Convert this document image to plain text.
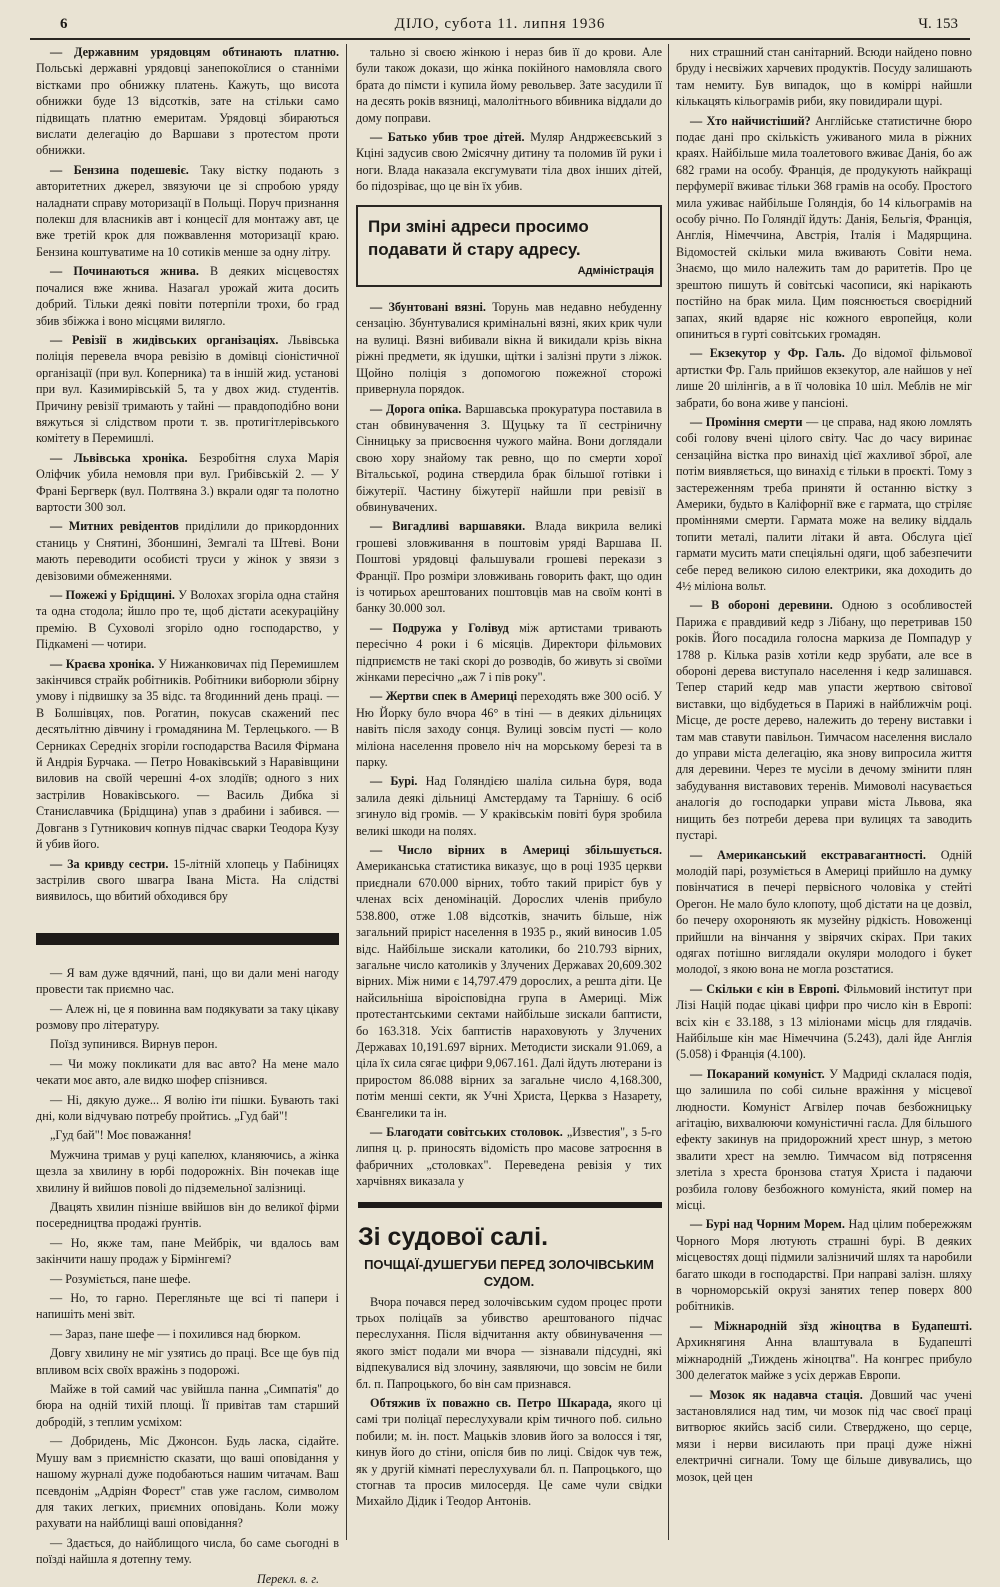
6	ДІЛО, субота 11. липня 1936	Ч. 153
— Державним урядовцям обтинають платню. Польські державні урядовці занепокоїлися о станніми вістками про обнижку платень. Кажуть, що висота обнижки буде 13 відсотків, зате на стільки само підвищать платню емеритам. Урядовці збираються вислати делегацію до Варшави з протестом проти обнижки.
— Бензина подешевіє. Таку вістку подають з авторитетних джерел, звязуючи це зі спробою уряду наладнати справу моторизації в Польщі. Поруч признання полекш для власників авт і концесії для монтажу авт, це вже третій крок для пожвавлення моторизації краю. Бензина коштуватиме на 10 сотиків менше за одну літру.
— Починаються жнива. В деяких місцевостях почалися вже жнива. Назагал урожай жита досить добрий. Тільки деякі повіти потерпіли трохи, бо град збив збіжжа і воно місцями вилягло.
— Ревізії в жидівських організаціях. Львівська поліція перевела вчора ревізію в домівці сіоністичної організації (при вул. Коперника) та в іншій жид. установі при вул. Казимирівській 5, та у двох жид. студентів. Причину ревізії тримають у тайні — правдоподібно вони вяжуться зі слідством проти т. зв. протигітлерівського комітету в Перемишлі.
— Львівська хроніка. Безробітня слуха Марія Оліфчик убила немовля при вул. Грибівській 2. — У Франі Бергверк (вул. Полтвяна 3.) вкрали одяг та полотно вартости 300 зол.
— Митних ревідентов приділили до прикордонних станиць у Снятині, Збоншині, Земгалі та Штеві. Вони мають переводити особисті труси у жінок у звязи з девізовими обмеженнями.
— Пожежі у Брідщині. У Волохах згоріла одна стайня та одна стодола; йшло про те, щоб дістати асекураційну премію. В Суховолі згоріло одно господарство, у Підкамені — чотири.
— Краєва хроніка. У Нижанковичах під Перемишлем закінчився страйк робітників. Робітники виборюли збірну умову і підвишку за 35 відс. та 8годинний день праці. — В Болшівцях, пов. Рогатин, покусав скажений пес десятьлітню дівчину і громадянина М. Терлецького. — В Серниках Середніх згоріли господарства Василя Фірмана й Андрія Бурчака. — Петро Новаківський з Наравівщини виловив на своїй черешні 4-ох злодіїв; одного з них застрілив Новаківського. — Василь Дибка зі Станиславчика (Брідщина) упав з драбини і забився. — Довганв з Гутникович копнув підчас сварки Теодора Кузу й убив його.
— За кривду сестри. 15-літній хлопець у Пабіницях застрілив свого швагра Івана Міста. На слідстві виявилось, що вбитий обходився бру
— Я вам дуже вдячний, пані, що ви дали мені нагоду провести так приємно час.
— Алеж ні, це я повинна вам подякувати за таку цікаву розмову про літературу.
Поїзд зупинився. Вирнув перон.
— Чи можу покликати для вас авто? На мене мало чекати моє авто, але видко шофер спізнився.
— Ні, дякую дуже... Я волію іти пішки. Бувають такі дні, коли відчуваю потребу пройтись. „Гуд бай"!
„Гуд бай"! Моє поважання!
Мужчина тримав у руці капелюх, кланяючись, а жінка щезла за хвилину в юрбі подорожніх. Він почекав іще хвилину й вийшов повolі до підземельної залізниці.
Двацять хвилин пізніше ввійшов він до великої фірми посередництва продажі ґрунтів.
— Но, якже там, пане Мейбрік, чи вдалось вам закінчити нашу продаж у Бірмінгемі?
— Розуміється, пане шефе.
— Но, то гарно. Перегляньте ще всі ті папери і напишіть мені звіт.
— Зараз, пане шефе — і похилився над бюрком.
Довгу хвилину не міг узятись до праці. Все ще був під впливом всіх своїх вражінь з подорожі.
Майже в той самий час увійшла панна „Симпатія" до бюра на одній тихій площі. Її привітав там старший добродій, з теплим усміхом:
— Добридень, Міс Джонсон. Будь ласка, сідайте. Мушу вам з приємністю сказати, що ваші оповідання у нашому журналі дуже подобаються нашим читачам. Ваш псевдонім „Адріян Форест" став уже гаслом, символом для таких легких, приємних оповідань. Коли можу рахувати на найблищі ваші оповідання?
— Здається, до найблищого числа, бо саме сьогодні в поїзді найшла я дотепну тему.
Перекл. в. г.
тально зі своєю жінкою і нераз бив її до крови. Але були також докази, що жінка покійного намовляла свого брата до пімсти і купила йому револьвер. Зате засудили її на десять років вязниці, малолітнього вбивника віддали до дому поправи.
— Батько убив трое дітей. Муляр Андржеєвський з Кціні задусив свою 2місячну дитину та поломив їй руки і ноги. Влада наказала ексгумувати тіла двох інших дітей, бо підозріває, що це він їх убив.
При зміні адреси просимо подавати й стару адресу.
Адміністрація
— Збунтовані вязні. Торунь мав недавно небуденну сензацію. Збунтувалися кримінальні вязні, яких крик чули на вулиці. Вязні вибивали вікна й викидали крізь вікна ріжні предмети, як ідушки, щітки і залізні прути з ліжок. Щойно поліція з допомогою пожежної сторожі привернула порядок.
— Дорога опіка. Варшавська прокуратура поставила в стан обвинувачення З. Щуцьку та її сестріничну Сінницьку за присвоєння чужого майна. Вони доглядали свою хору знайому так ревно, що по смерти хорої Вітальської, родина ствердила брак більшої готівки і біжутерії. Частину біжутерії найшли при ревізії в обвинувачених.
— Вигадливі варшавяки. Влада викрила великі грошеві зловживання в поштовім уряді Варшава II. Поштові урядовці фальшували грошеві перекази з Франції. Про розміри зловживань говорить факт, що один із чотирьох арештованих поштовців мав на своїм конті в банку 30.000 зол.
— Подружа у Голівуд між артистами тривають пересічно 4 роки і 6 місяців. Директори фільмових підприємств не такі скорі до розводів, бо живуть зі своїми жінками пересічно „аж 7 і пів року".
— Жертви спек в Америці переходять вже 300 осіб. У Ню Йорку було вчора 46° в тіні — в деяких дільницях навіть після заходу сонця. Вулиці зовсім пусті — коло міліона населення провело ніч на морському березі та в парку.
— Бурі. Над Голяндією шаліла сильна буря, вода залила деякі дільниці Амстердаму та Тарнішу. 6 осіб згинуло від громів. — У краківськім повіті буря зробила великі шкоди на полях.
— Число вірних в Америці збільшується. Американська статистика виказує, що в році 1935 церкви приєднали 670.000 вірних, тобто такий приріст був у членах всіх деномінацій. Дорослих членів прибуло 538.800, отже 1.08 відсотків, значить більше, ніж загальний приріст населення в 1935 р., який виносив 1.05 відс. Найбільше зискали католики, бо 210.793 вірних, загальне число католиків у Злучених Державах 20,609.302 вірних. Між ними є 14,797.479 дорослих, а решта діти. Це найсильніша віроісповідна група в Америці. Між протестантськими сектами найбільше зискали баптисти, бо 163.318. Усіх баптистів нараховують у Злучених Державах 10,191.697 вірних. Методисти зискали 91.069, а ціла їх сила сягає цифри 9,067.161. Далі йдуть лютерани із приростом 86.088 вірних за загальне число 4,168.300, потім менші секти, як Учні Христа, Церква з Назарету, Євангелики та ін.
— Благодати совітських столовок. „Известия", з 5-го липня ц. р. приносять відомість про масове затроєння в фабричних „столовках". Переведена ревізія у тих харчівнях виказала у
Зі судової салі.
ПОЧЩАЇ-ДУШЕГУБИ ПЕРЕД ЗОЛОЧІВСЬКИМ СУДОМ.
Вчора почався перед золочівським судом процес проти трьох поліцаїв за убивство арештованого підчас переслухання. Після відчитання акту обвинувачення — якого зміст подали ми вчора — зізнавали підсудні, які відпекувалися від злочину, заявляючи, що зовсім не били бл. п. Папроцького, бо він сам признався.
Обтяжив їх поважно св. Петро Шкарада, якого ці самі три поліцаї переслухували крім тичного поб. сильно побили; м. ін. пост. Мацьків зловив його за волосся і тяг, кинув його до стіни, опісля бив по лиці. Свідок чув теж, як у другій кімнаті переслухували бл. п. Папроцького, що стогнав та просив милосердя. Це саме чули свідки Михайло Дідик і Теодор Антонів.
них страшний стан санітарний. Всюди найдено повно бруду і несвіжих харчевих продуктів. Посуду залишають там немиту. Був випадок, що в коміррі найшли кількацять кільограмів риби, яку повидирали щурі.
— Хто найчистіший? Англійське статистичне бюро подає дані про скількість уживаного мила в ріжних краях. Найбільше мила тоалетового вживає Данія, бо аж 682 грами на особу. Франція, де продукують найкращі перфумерії вживає тільки 368 грамів на особу. Простого мила уживає найбільше Голяндія, бо 14 кільограмів на особу річно. По Голяндії йдуть: Данія, Бельгія, Франція, Англія, Німеччина, Австрія, Італія і Мадярщина. Відомостей скільки мила вживають Совіти нема. Знаємо, що мило належить там до раритетів. Про це зрештою пишуть й совітські часописи, які нарікають постійно на брак мила. Цим пояснюється своєрідний запах, який вдаряє ніс кожного европейця, коли опиниться в гурті совітських громадян.
— Екзекутор у Фр. Галь. До відомої фільмової артистки Фр. Галь прийшов екзекутор, але найшов у неї лише 20 шілінгів, а в її чоловіка 10 шіл. Меблів не міг забрати, бо вона живе у пансіоні.
— Проміння смерти — це справа, над якою ломлять собі голову вчені цілого світу. Час до часу виринає сензаційна вістка про винахід цієї жахливої зброї, але потім виявляється, що винахід є тільки в проєкті. Тому з застереженням треба приняти й останню вістку з Америки, будьто в Каліфорнії вже є гармата, що стріляє проміннями смерти. Гармата може на велику віддаль топити металі, палити літаки й авта. Обслуга цієї гармати мусить мати спеціяльні одяги, щоб забезпечити себе перед великою силою електрики, яка доходить до 4½ міліона вольт.
— В обороні деревини. Одною з особливостей Парижа є правдивий кедр з Лібану, що перетривав 150 років. Його посадила голосна маркиза де Помпадур у 1788 р. Кілька разів хотіли кедр зрубати, але все в обороні дерева виступало населення і кедр залишався. Тепер старий кедр мав упасти жертвою світової виставки, що відбудеться в Парижі в найближчім році. Місце, де росте дерево, належить до терену виставки і там мав ставути павільон. Тимчасом населення вислало до управи міста делегацію, яка знову випросила життя для деревини. Через те мусіли в дечому змінити плян забудування виставових теренів. Мимоволі насувається аналогія до господарки управи міста Львова, яка нищить без потреби дерева при вулицях та заводить пустарі.
— Американський екстравагантності. Одній молодій парі, розуміється в Америці прийшло на думку повінчатися в печері первісного чоловіка у стейті Орегон. Не мало було клопоту, щоб дістати на це дозвіл, бо печеру охороняють як музейну рідкість. Новоженці прийшли на вінчання у звірячих скірах. При таких одягах потішно виглядали окуляри молодого і букет молодої, з якою вона не могла розстатися.
— Скільки є кін в Европі. Фільмовий інститут при Лізі Націй подає цікаві цифри про число кін в Европі: всіх кін є 33.188, з 13 міліонами місць для глядачів. Найбільше кін має Німеччина (5.243), далі йде Англія (5.058) і Франція (4.100).
— Покараний комуніст. У Мадриді склалася подія, що залишила по собі сильне вражіння у місцевої людности. Комуніст Агвілер почав безбожницьку агітацію, вихвалюючи комуністичні гасла. Для більшого ефекту закинув на придорожний хрест шнур, з метою звалити хрест на землю. Тимчасом від потрясення злетіла з хреста бронзова статуя Христа і падаючи розбила голову безбожного комуніста, який помер на місці.
— Бурі над Чорним Морем. Над цілим побережжям Чорного Моря лютують страшні бурі. В деяких місцевостях дощі підмили залізничий шлях та наробили багато шкоди в господарстві. При направі залізн. шляху в чорноморській окрузі занятих тепер поверх 800 робітників.
— Міжнародній зїзд жіноцтва в Будапешті. Архикнягиня Анна влаштувала в Будапешті міжнародній „Тиждень жіноцтва". На конгрес прибуло 300 делегаток майже з усіх держав Европи.
— Мозок як надавча стація. Довший час учені застановлялися над тим, чи мозок під час своєї праці витворює якийсь засіб сили. Стверджено, що серце, мязи і нерви висилають при праці дуже ніжні електричні сигнали. Тому ще більше дивувались, що мозок, цей цен
